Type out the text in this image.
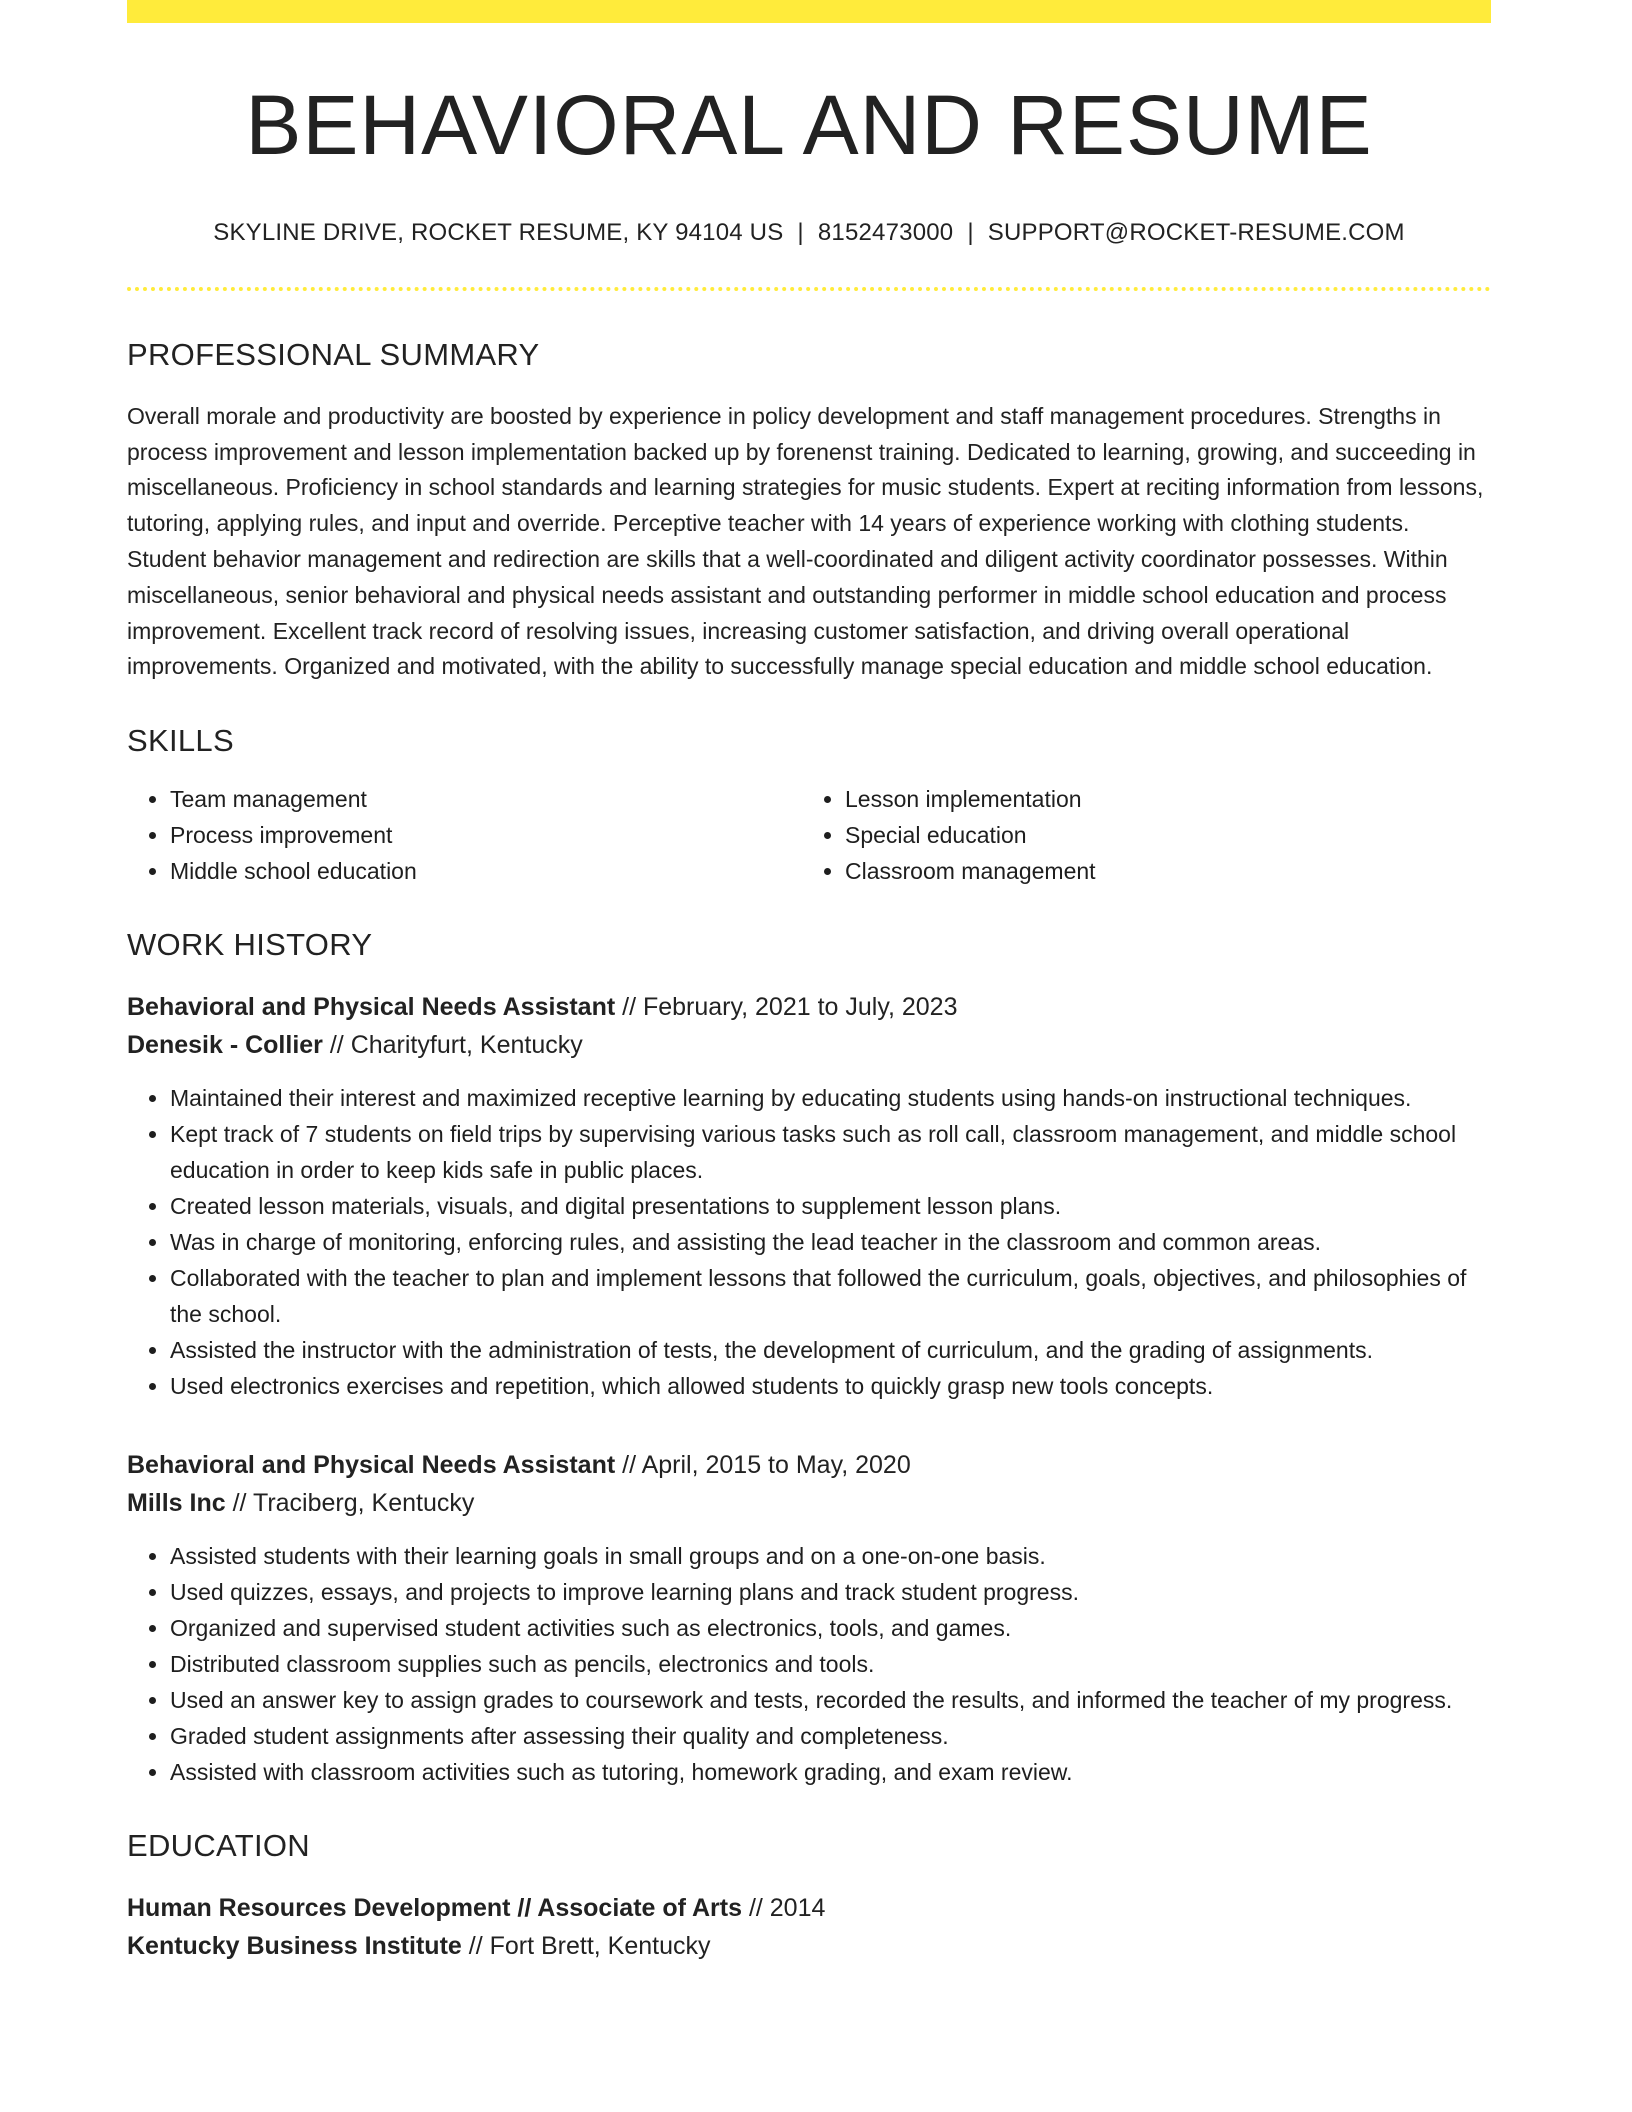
BEHAVIORAL AND RESUME
SKYLINE DRIVE, ROCKET RESUME, KY 94104 US | 8152473000 | SUPPORT@ROCKET-RESUME.COM
PROFESSIONAL SUMMARY
Overall morale and productivity are boosted by experience in policy development and staff management procedures. Strengths in process improvement and lesson implementation backed up by forenenst training. Dedicated to learning, growing, and succeeding in miscellaneous. Proficiency in school standards and learning strategies for music students. Expert at reciting information from lessons, tutoring, applying rules, and input and override. Perceptive teacher with 14 years of experience working with clothing students. Student behavior management and redirection are skills that a well-coordinated and diligent activity coordinator possesses. Within miscellaneous, senior behavioral and physical needs assistant and outstanding performer in middle school education and process improvement. Excellent track record of resolving issues, increasing customer satisfaction, and driving overall operational improvements. Organized and motivated, with the ability to successfully manage special education and middle school education.
SKILLS
• Team management
• Process improvement
• Middle school education
• Lesson implementation
• Special education
• Classroom management
WORK HISTORY
Behavioral and Physical Needs Assistant // February, 2021 to July, 2023
Denesik - Collier // Charityfurt, Kentucky
• Maintained their interest and maximized receptive learning by educating students using hands-on instructional techniques.
• Kept track of 7 students on field trips by supervising various tasks such as roll call, classroom management, and middle school education in order to keep kids safe in public places.
• Created lesson materials, visuals, and digital presentations to supplement lesson plans.
• Was in charge of monitoring, enforcing rules, and assisting the lead teacher in the classroom and common areas.
• Collaborated with the teacher to plan and implement lessons that followed the curriculum, goals, objectives, and philosophies of the school.
• Assisted the instructor with the administration of tests, the development of curriculum, and the grading of assignments.
• Used electronics exercises and repetition, which allowed students to quickly grasp new tools concepts.
Behavioral and Physical Needs Assistant // April, 2015 to May, 2020
Mills Inc // Traciberg, Kentucky
• Assisted students with their learning goals in small groups and on a one-on-one basis.
• Used quizzes, essays, and projects to improve learning plans and track student progress.
• Organized and supervised student activities such as electronics, tools, and games.
• Distributed classroom supplies such as pencils, electronics and tools.
• Used an answer key to assign grades to coursework and tests, recorded the results, and informed the teacher of my progress.
• Graded student assignments after assessing their quality and completeness.
• Assisted with classroom activities such as tutoring, homework grading, and exam review.
EDUCATION
Human Resources Development // Associate of Arts // 2014
Kentucky Business Institute // Fort Brett, Kentucky
